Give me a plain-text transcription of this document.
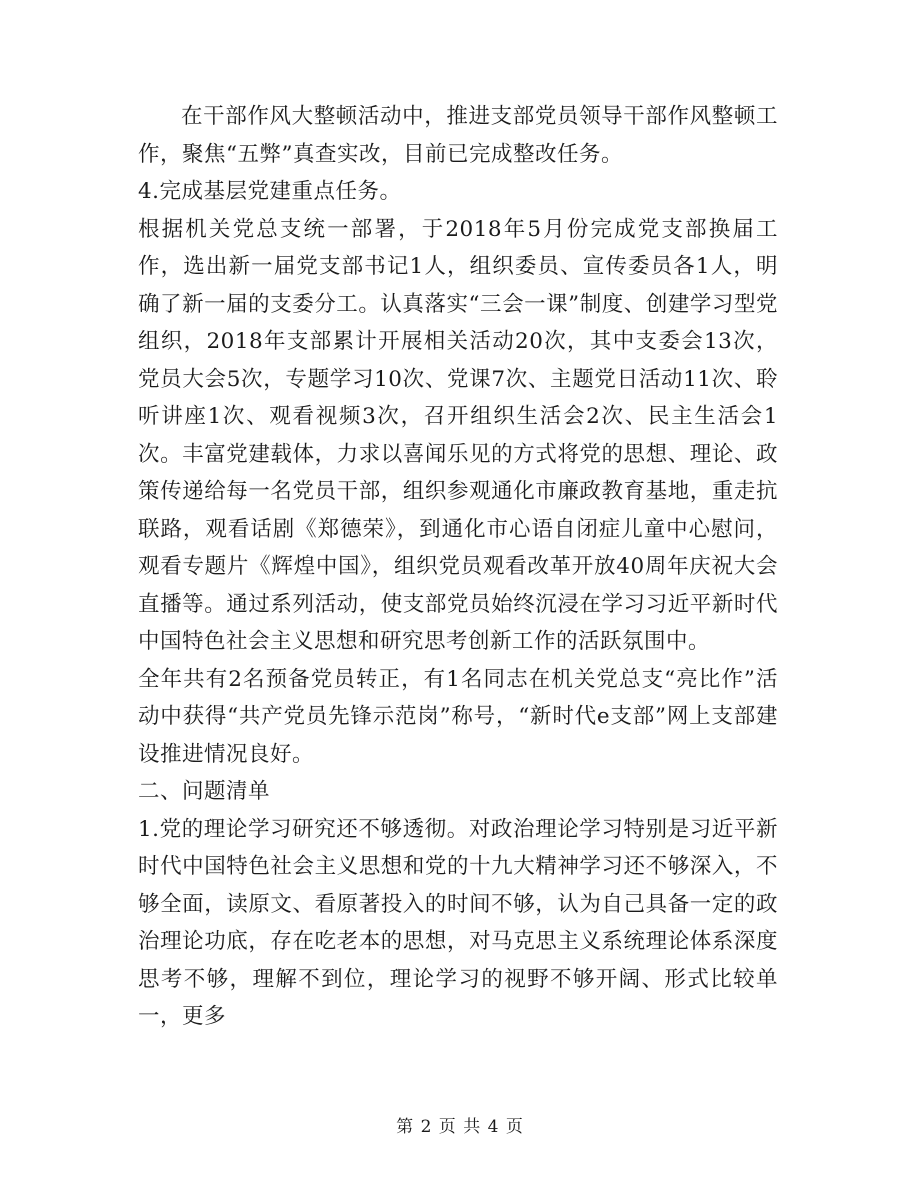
在干部作风大整顿活动中，推进支部党员领导干部作风整顿工作，聚焦“五弊”真查实改，目前已完成整改任务。

4.完成基层党建重点任务。

根据机关党总支统一部署，于2018年5月份完成党支部换届工作，选出新一届党支部书记1人，组织委员、宣传委员各1人，明确了新一届的支委分工。认真落实“三会一课”制度、创建学习型党组织，2018年支部累计开展相关活动20次，其中支委会13次，党员大会5次，专题学习10次、党课7次、主题党日活动11次、聆听讲座1次、观看视频3次，召开组织生活会2次、民主生活会1次。丰富党建载体，力求以喜闻乐见的方式将党的思想、理论、政策传递给每一名党员干部，组织参观通化市廉政教育基地，重走抗联路，观看话剧《郑德荣》，到通化市心语自闭症儿童中心慰问，观看专题片《辉煌中国》，组织党员观看改革开放40周年庆祝大会直播等。通过系列活动，使支部党员始终沉浸在学习习近平新时代中国特色社会主义思想和研究思考创新工作的活跃氛围中。

全年共有2名预备党员转正，有1名同志在机关党总支“亮比作”活动中获得“共产党员先锋示范岗”称号，“新时代e支部”网上支部建设推进情况良好。

二、问题清单

1.党的理论学习研究还不够透彻。对政治理论学习特别是习近平新时代中国特色社会主义思想和党的十九大精神学习还不够深入，不够全面，读原文、看原著投入的时间不够，认为自己具备一定的政治理论功底，存在吃老本的思想，对马克思主义系统理论体系深度思考不够，理解不到位，理论学习的视野不够开阔、形式比较单一，更多

第 2 页 共 4 页
